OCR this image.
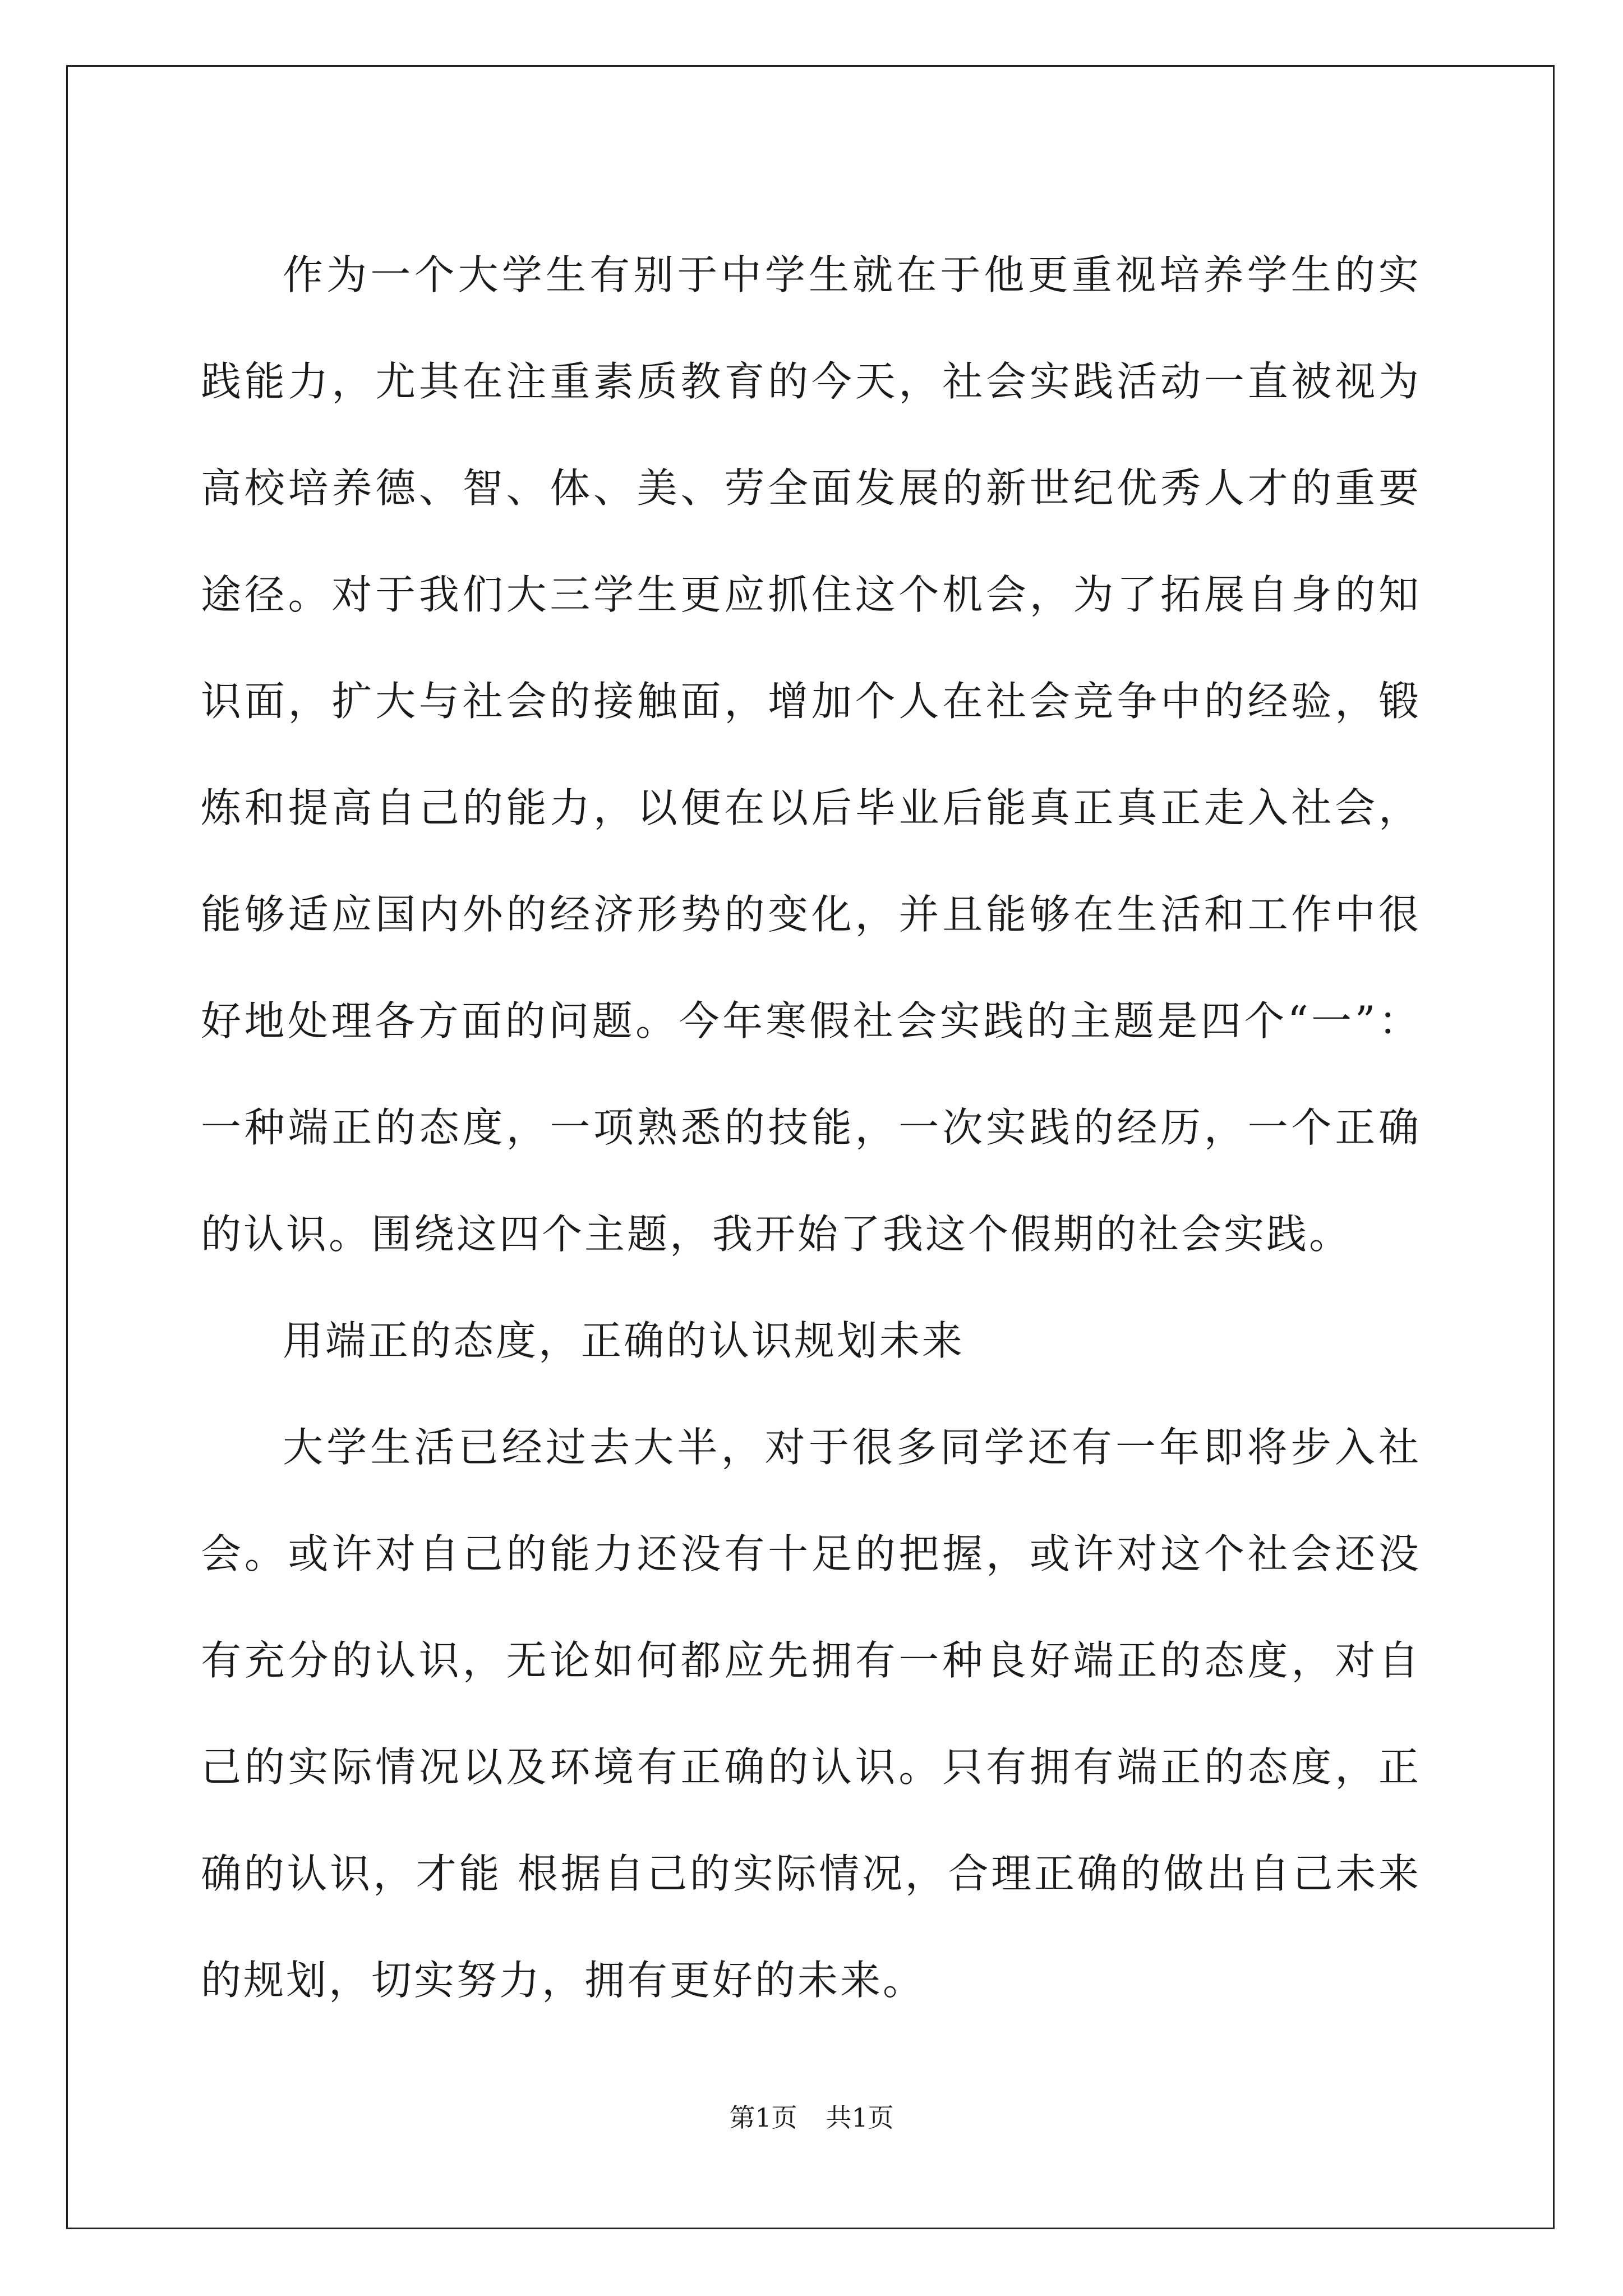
作为一个大学生有别于中学生就在于他更重视培养学生的实践能力，尤其在注重素质教育的今天，社会实践活动一直被视为高校培养德、智、体、美、劳全面发展的新世纪优秀人才的重要途径。对于我们大三学生更应抓住这个机会，为了拓展自身的知识面，扩大与社会的接触面，增加个人在社会竞争中的经验，锻炼和提高自己的能力，以便在以后毕业后能真正真正走入社会，能够适应国内外的经济形势的变化，并且能够在生活和工作中很好地处理各方面的问题。今年寒假社会实践的主题是四个“一”：一种端正的态度，一项熟悉的技能，一次实践的经历，一个正确的认识。围绕这四个主题，我开始了我这个假期的社会实践。

用端正的态度，正确的认识规划未来

大学生活已经过去大半，对于很多同学还有一年即将步入社会。或许对自己的能力还没有十足的把握，或许对这个社会还没有充分的认识，无论如何都应先拥有一种良好端正的态度，对自己的实际情况以及环境有正确的认识。只有拥有端正的态度，正确的认识，才能 根据自己的实际情况，合理正确的做出自己未来的规划，切实努力，拥有更好的未来。

第1页 共1页
